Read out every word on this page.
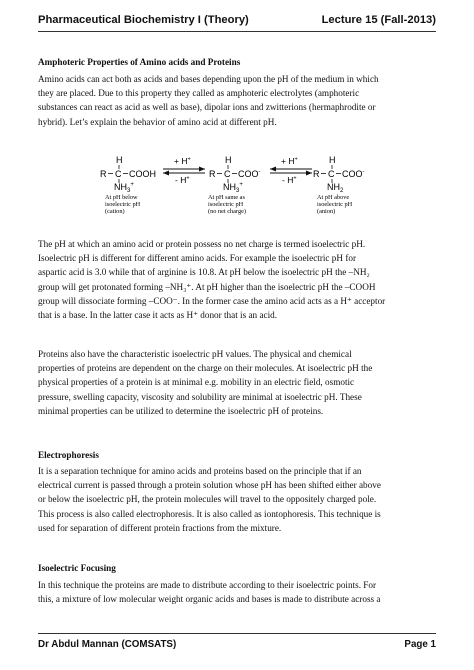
Pharmaceutical Biochemistry I (Theory)	Lecture 15 (Fall-2013)

Amphoteric Properties of Amino acids and Proteins

Amino acids can act both as acids and bases depending upon the pH of the medium in which

they are placed. Due to this property they called as amphoteric electrolytes (amphoteric

substances can react as acid as well as base), dipolar ions and zwitterions (hermaphrodite or

hybrid). Let’s explain the behavior of amino acid at different pH.

H
R C COOH
$NH_3^+$
+ H+
- H+
H
R C COO-
$NH_3^+$
+ H+
- H+
H
R C COO-
$NH_2$
At pH below
isoelectric pH
(cation)
At pH same as
isoelectric pH
(no net charge)
At pH above
isoelectric pH
(anion)

The pH at which an amino acid or protein possess no net charge is termed isoelectric pH.

Isoelectric pH is different for different amino acids. For example the isoelectric pH for

aspartic acid is 3.0 while that of arginine is 10.8. At pH below the isoelectric pH the –NH₂

group will get protonated forming –NH₃⁺. At pH higher than the isoelectric pH the –COOH

group will dissociate forming –COO⁻. In the former case the amino acid acts as a H⁺ acceptor

that is a base. In the latter case it acts as H⁺ donor that is an acid.

Proteins also have the characteristic isoelectric pH values. The physical and chemical

properties of proteins are dependent on the charge on their molecules. At isoelectric pH the

physical properties of a protein is at minimal e.g. mobility in an electric field, osmotic

pressure, swelling capacity, viscosity and solubility are minimal at isoelectric pH. These

minimal properties can be utilized to determine the isoelectric pH of proteins.

Electrophoresis

It is a separation technique for amino acids and proteins based on the principle that if an

electrical current is passed through a protein solution whose pH has been shifted either above

or below the isoelectric pH, the protein molecules will travel to the oppositely charged pole.

This process is also called electrophoresis. It is also called as iontophoresis. This technique is

used for separation of different protein fractions from the mixture.

Isoelectric Focusing

In this technique the proteins are made to distribute according to their isoelectric points. For

this, a mixture of low molecular weight organic acids and bases is made to distribute across a

Dr Abdul Mannan (COMSATS)	Page 1
